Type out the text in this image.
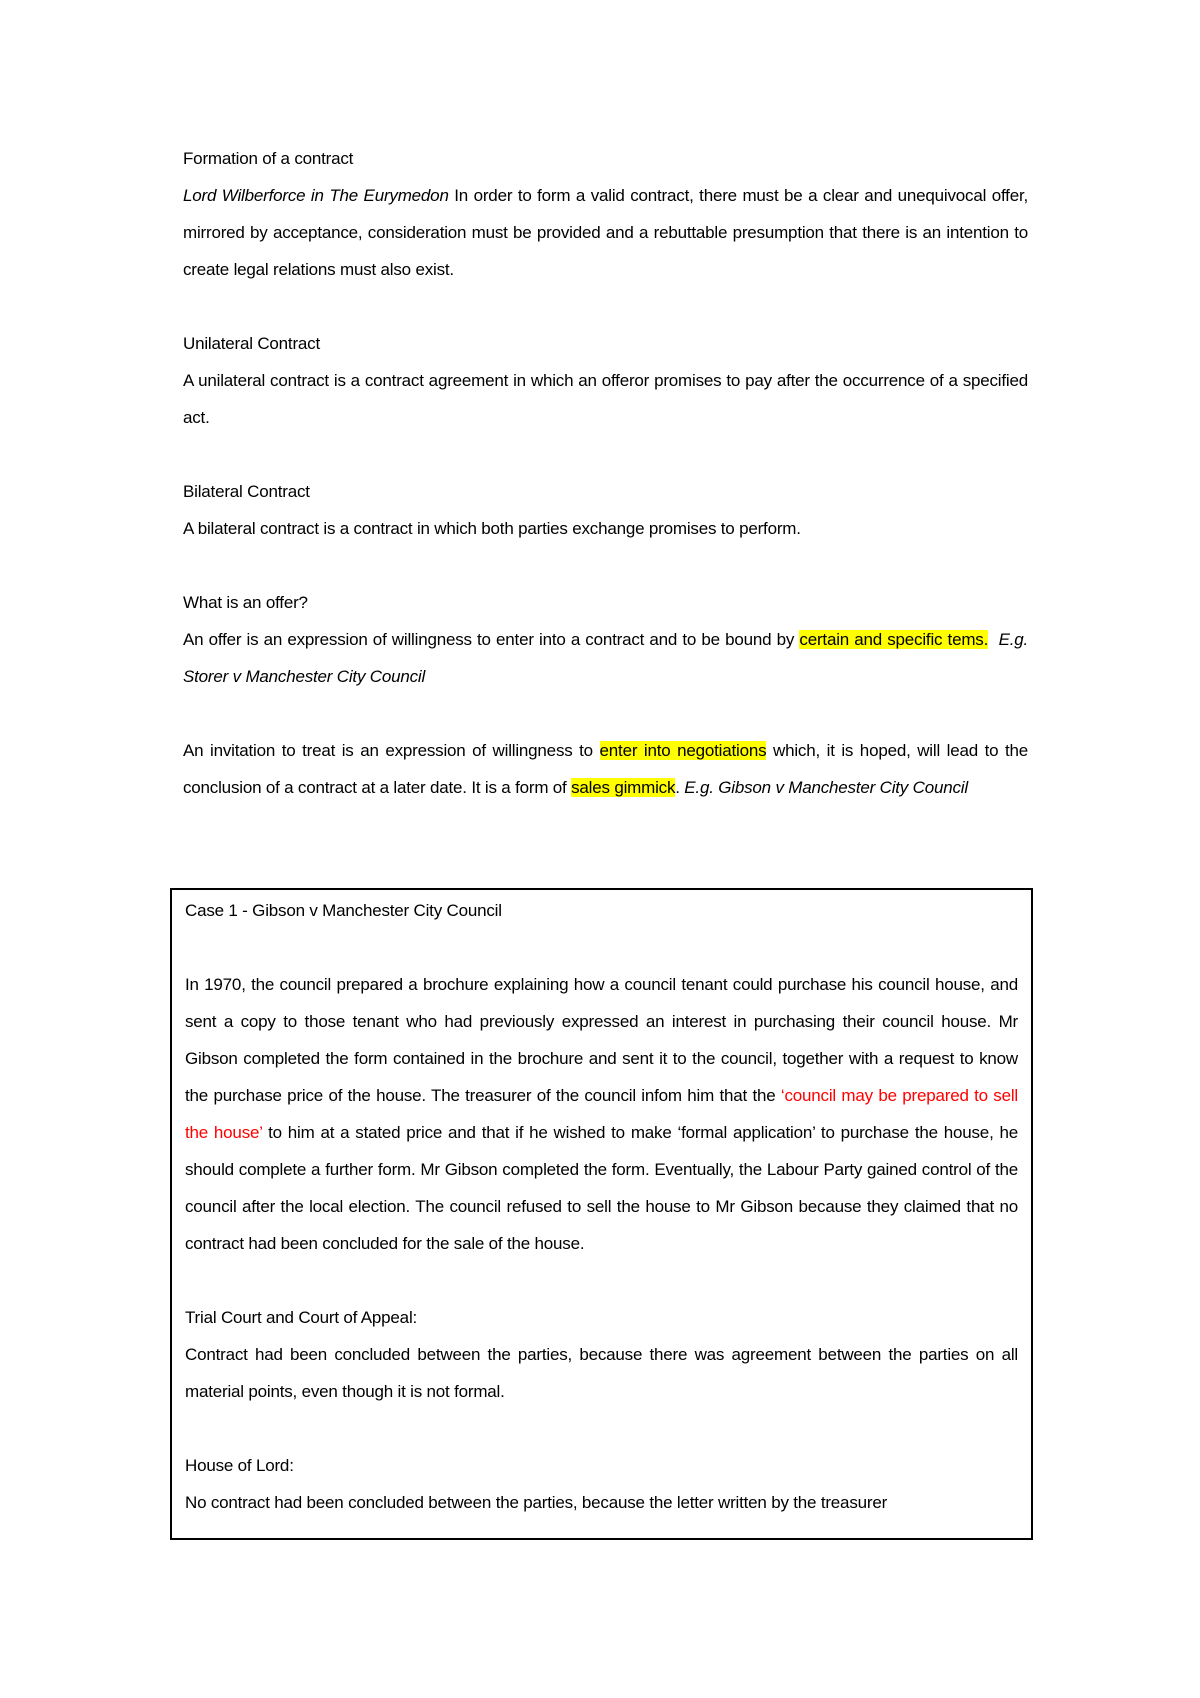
Formation of a contract

Lord Wilberforce in The Eurymedon In order to form a valid contract, there must be a clear and unequivocal offer, mirrored by acceptance, consideration must be provided and a rebuttable presumption that there is an intention to create legal relations must also exist.

Unilateral Contract

A unilateral contract is a contract agreement in which an offeror promises to pay after the occurrence of a specified act.

Bilateral Contract

A bilateral contract is a contract in which both parties exchange promises to perform.

What is an offer?

An offer is an expression of willingness to enter into a contract and to be bound by certain and specific tems. E.g. Storer v Manchester City Council

An invitation to treat is an expression of willingness to enter into negotiations which, it is hoped, will lead to the conclusion of a contract at a later date. It is a form of sales gimmick. E.g. Gibson v Manchester City Council

Case 1 - Gibson v Manchester City Council

In 1970, the council prepared a brochure explaining how a council tenant could purchase his council house, and sent a copy to those tenant who had previously expressed an interest in purchasing their council house. Mr Gibson completed the form contained in the brochure and sent it to the council, together with a request to know the purchase price of the house. The treasurer of the council infom him that the ‘council may be prepared to sell the house’ to him at a stated price and that if he wished to make ‘formal application’ to purchase the house, he should complete a further form. Mr Gibson completed the form. Eventually, the Labour Party gained control of the council after the local election. The council refused to sell the house to Mr Gibson because they claimed that no contract had been concluded for the sale of the house.

Trial Court and Court of Appeal:

Contract had been concluded between the parties, because there was agreement between the parties on all material points, even though it is not formal.

House of Lord:

No contract had been concluded between the parties, because the letter written by the treasurer
